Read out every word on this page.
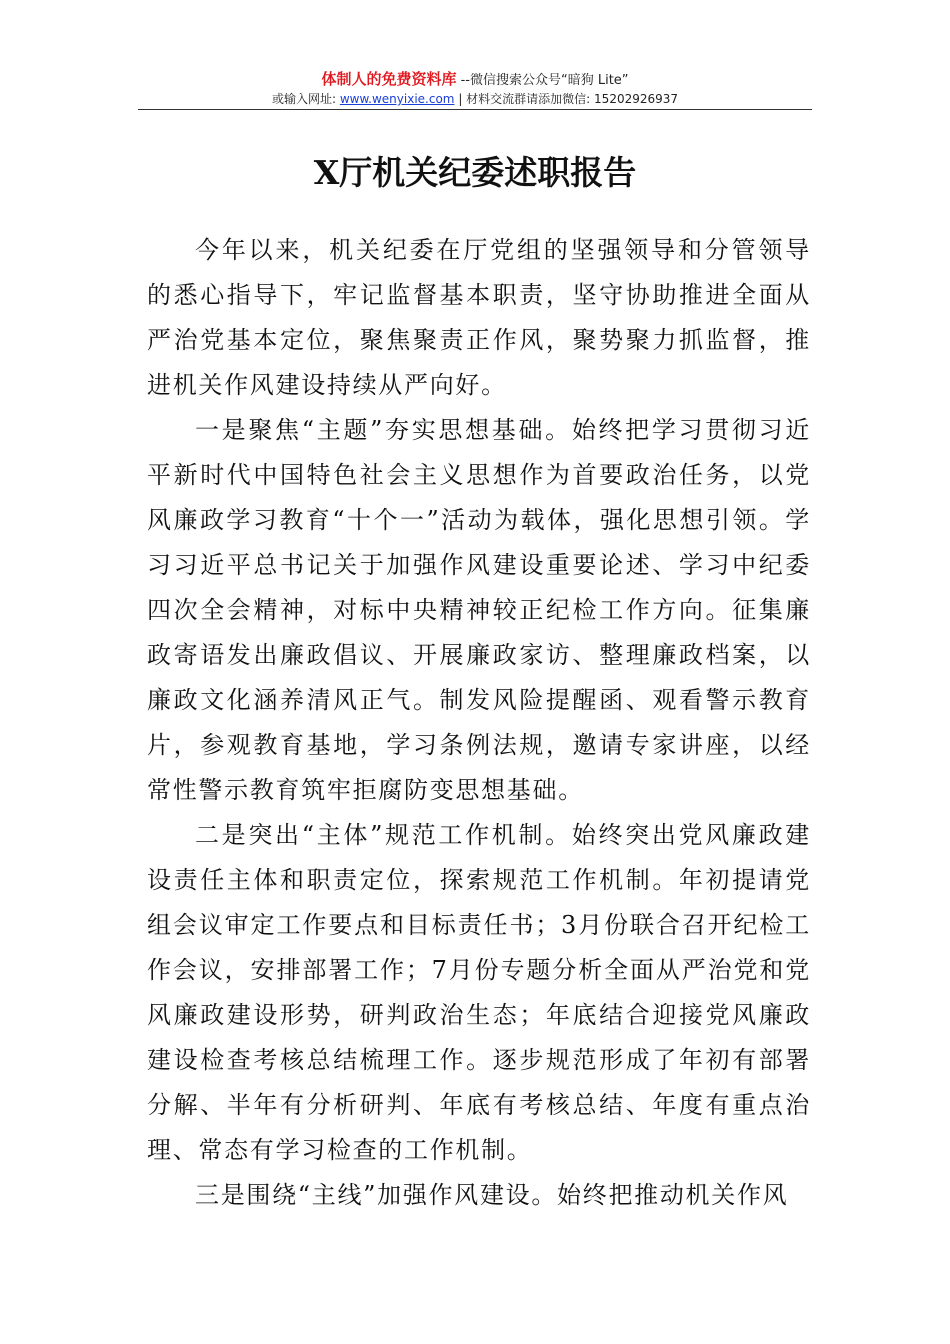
体制人的免费资料库 --微信搜索公众号“暗狗 Lite”
或输入网址: www.wenyixie.com | 材料交流群请添加微信: 15202926937
X厅机关纪委述职报告

今年以来，机关纪委在厅党组的坚强领导和分管领导的悉心指导下，牢记监督基本职责，坚守协助推进全面从严治党基本定位，聚焦聚责正作风，聚势聚力抓监督，推进机关作风建设持续从严向好。

一是聚焦“主题”夯实思想基础。始终把学习贯彻习近平新时代中国特色社会主义思想作为首要政治任务，以党风廉政学习教育“十个一”活动为载体，强化思想引领。学习习近平总书记关于加强作风建设重要论述、学习中纪委四次全会精神，对标中央精神较正纪检工作方向。征集廉政寄语发出廉政倡议、开展廉政家访、整理廉政档案，以廉政文化涵养清风正气。制发风险提醒函、观看警示教育片，参观教育基地，学习条例法规，邀请专家讲座，以经常性警示教育筑牢拒腐防变思想基础。

二是突出“主体”规范工作机制。始终突出党风廉政建设责任主体和职责定位，探索规范工作机制。年初提请党组会议审定工作要点和目标责任书；3月份联合召开纪检工作会议，安排部署工作；7月份专题分析全面从严治党和党风廉政建设形势，研判政治生态；年底结合迎接党风廉政建设检查考核总结梳理工作。逐步规范形成了年初有部署分解、半年有分析研判、年底有考核总结、年度有重点治理、常态有学习检查的工作机制。

三是围绕“主线”加强作风建设。始终把推动机关作风
